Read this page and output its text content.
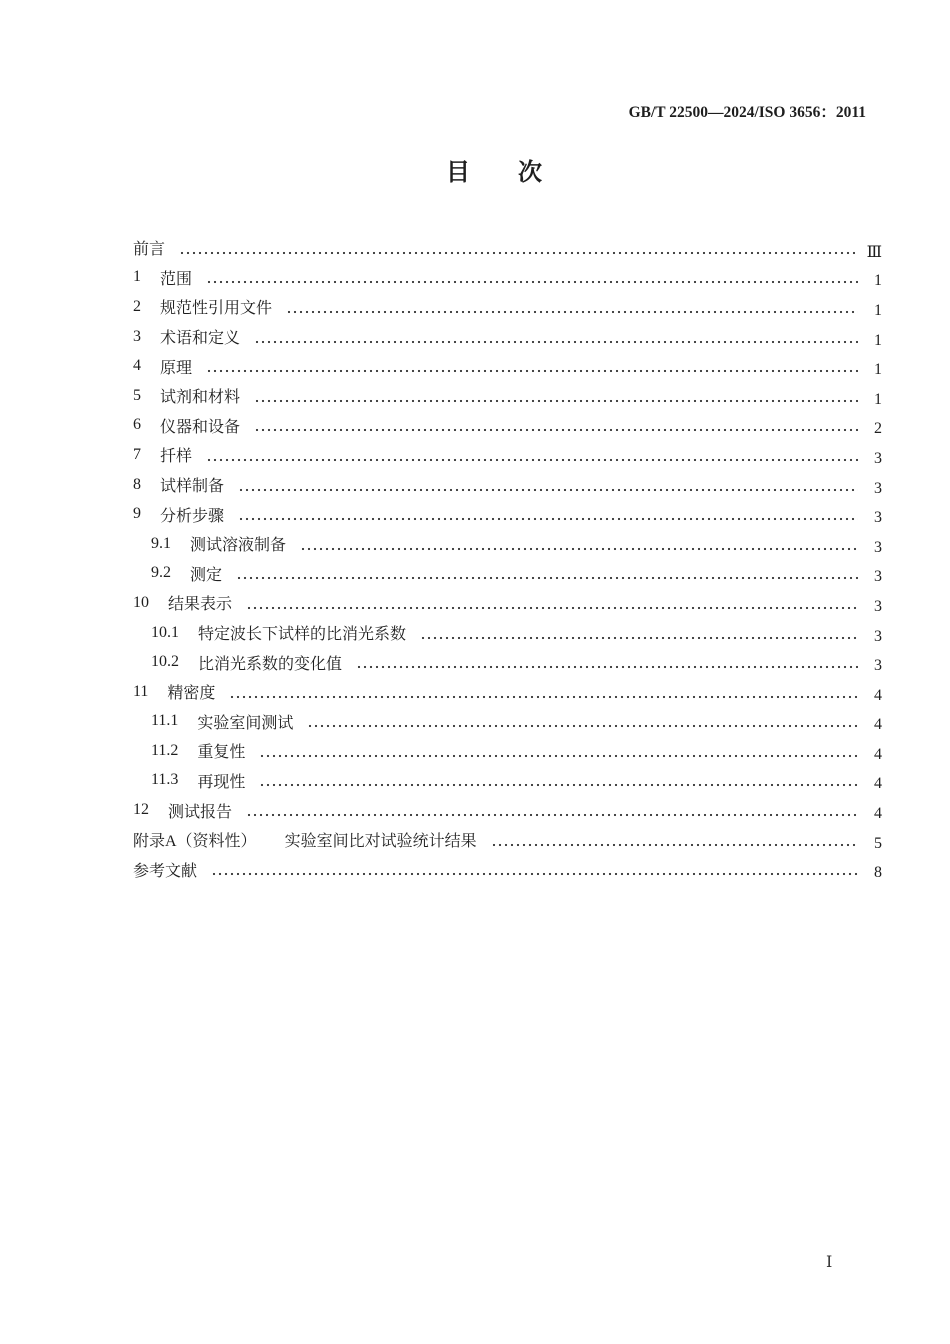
GB/T 22500—2024/ISO 3656：2011
目　　次
前言	Ⅲ
1 范围	1
2 规范性引用文件	1
3 术语和定义	1
4 原理	1
5 试剂和材料	1
6 仪器和设备	2
7 扦样	3
8 试样制备	3
9 分析步骤	3
9.1 测试溶液制备	3
9.2 测定	3
10 结果表示	3
10.1 特定波长下试样的比消光系数	3
10.2 比消光系数的变化值	3
11 精密度	4
11.1 实验室间测试	4
11.2 重复性	4
11.3 再现性	4
12 测试报告	4
附录A（资料性） 实验室间比对试验统计结果	5
参考文献	8
Ⅰ
